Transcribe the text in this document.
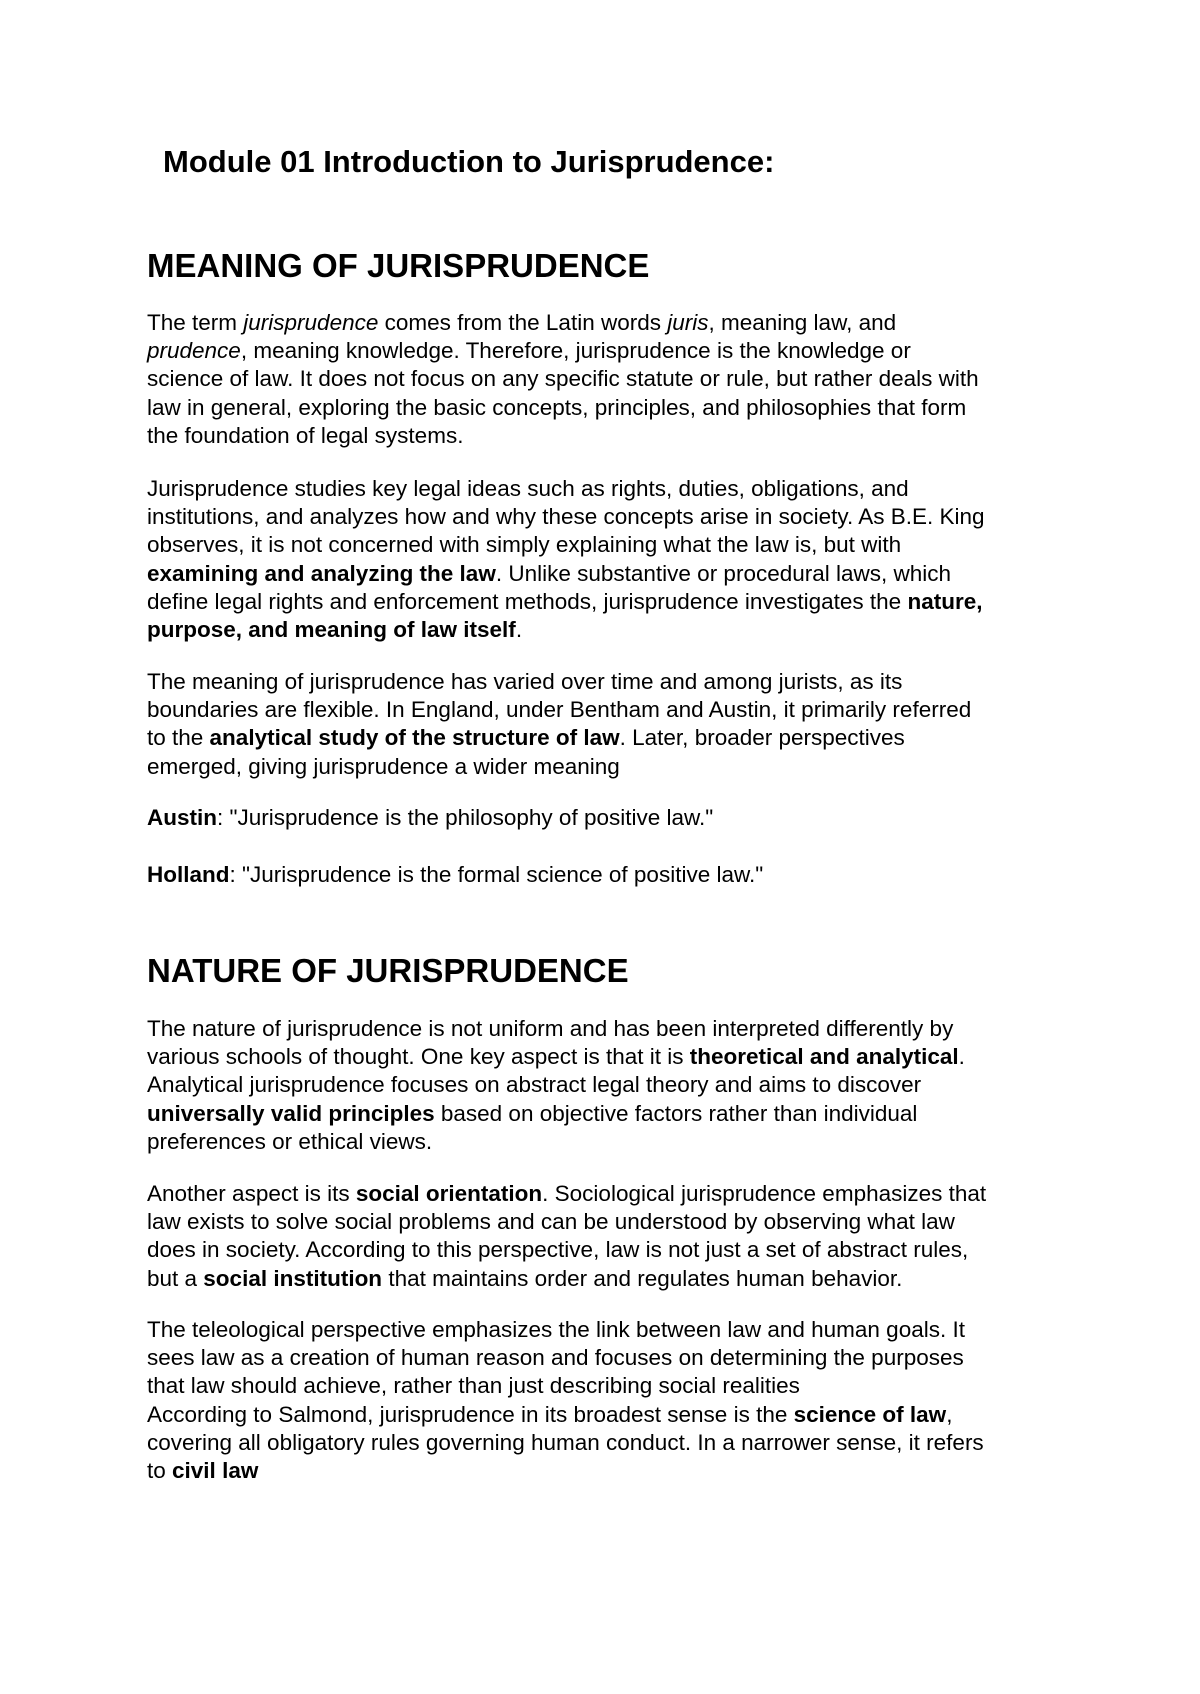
Module 01 Introduction to Jurisprudence:
MEANING OF JURISPRUDENCE

The term jurisprudence comes from the Latin words juris, meaning law, and
prudence, meaning knowledge. Therefore, jurisprudence is the knowledge or
science of law. It does not focus on any specific statute or rule, but rather deals with
law in general, exploring the basic concepts, principles, and philosophies that form
the foundation of legal systems.

Jurisprudence studies key legal ideas such as rights, duties, obligations, and
institutions, and analyzes how and why these concepts arise in society. As B.E. King
observes, it is not concerned with simply explaining what the law is, but with
examining and analyzing the law. Unlike substantive or procedural laws, which
define legal rights and enforcement methods, jurisprudence investigates the nature,
purpose, and meaning of law itself.

The meaning of jurisprudence has varied over time and among jurists, as its
boundaries are flexible. In England, under Bentham and Austin, it primarily referred
to the analytical study of the structure of law. Later, broader perspectives
emerged, giving jurisprudence a wider meaning

Austin: "Jurisprudence is the philosophy of positive law."

Holland: "Jurisprudence is the formal science of positive law."

NATURE OF JURISPRUDENCE

The nature of jurisprudence is not uniform and has been interpreted differently by
various schools of thought. One key aspect is that it is theoretical and analytical.
Analytical jurisprudence focuses on abstract legal theory and aims to discover
universally valid principles based on objective factors rather than individual
preferences or ethical views.

Another aspect is its social orientation. Sociological jurisprudence emphasizes that
law exists to solve social problems and can be understood by observing what law
does in society. According to this perspective, law is not just a set of abstract rules,
but a social institution that maintains order and regulates human behavior.

The teleological perspective emphasizes the link between law and human goals. It
sees law as a creation of human reason and focuses on determining the purposes
that law should achieve, rather than just describing social realities
According to Salmond, jurisprudence in its broadest sense is the science of law,
covering all obligatory rules governing human conduct. In a narrower sense, it refers
to civil law
